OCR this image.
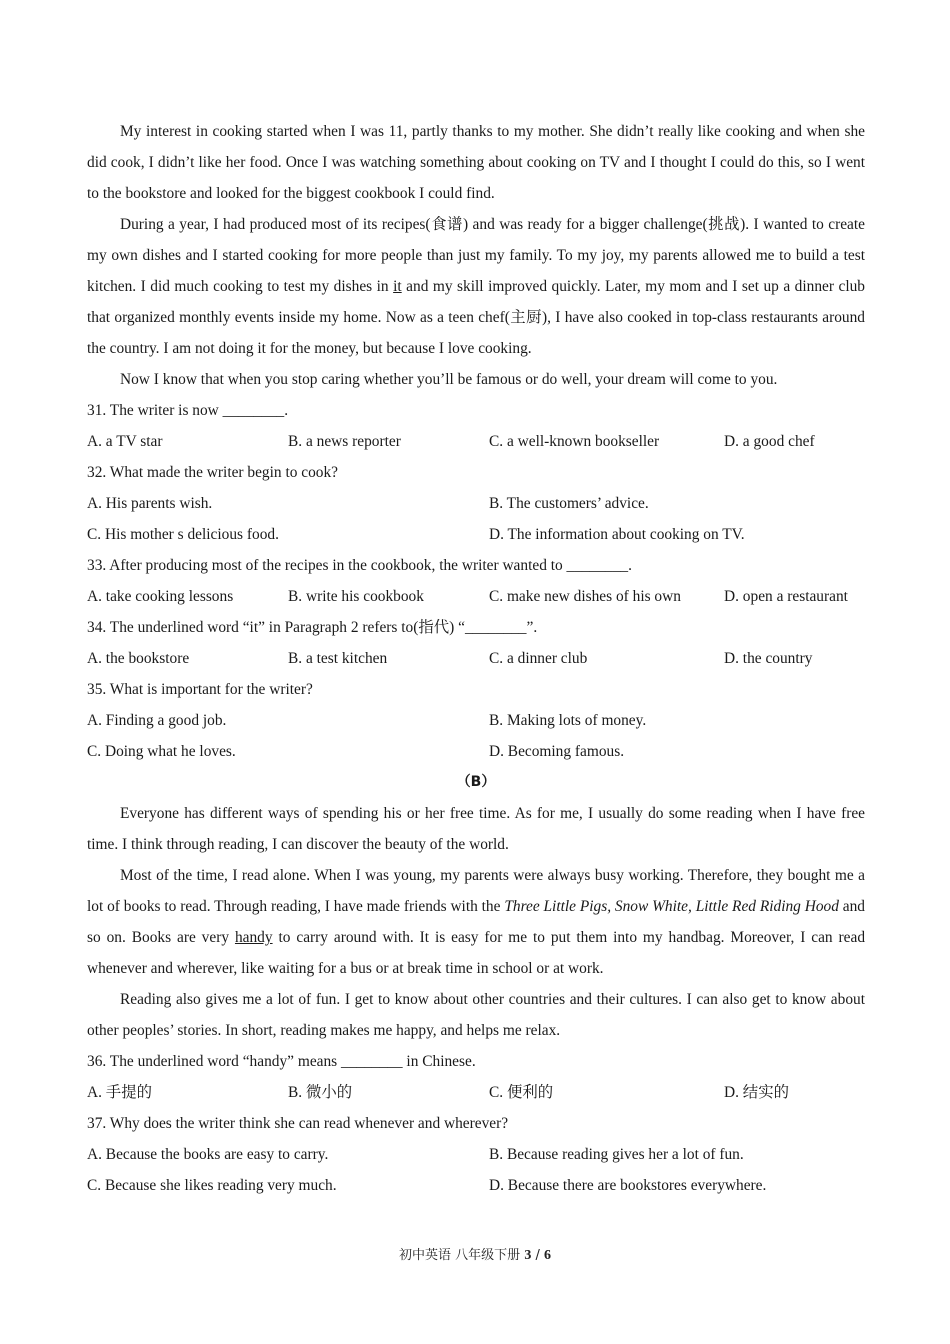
My interest in cooking started when I was 11, partly thanks to my mother. She didn’t really like cooking and when she did cook, I didn’t like her food. Once I was watching something about cooking on TV and I thought I could do this, so I went to the bookstore and looked for the biggest cookbook I could find.

During a year, I had produced most of its recipes(食谱) and was ready for a bigger challenge(挑战). I wanted to create my own dishes and I started cooking for more people than just my family. To my joy, my parents allowed me to build a test kitchen. I did much cooking to test my dishes in it and my skill improved quickly. Later, my mom and I set up a dinner club that organized monthly events inside my home. Now as a teen chef(主厨), I have also cooked in top-class restaurants around the country. I am not doing it for the money, but because I love cooking.

Now I know that when you stop caring whether you’ll be famous or do well, your dream will come to you.

31. The writer is now ________.
A. a TV star	B. a news reporter	C. a well-known bookseller	D. a good chef
32. What made the writer begin to cook?
A. His parents wish.	B. The customers’ advice.
C. His mother s delicious food.	D. The information about cooking on TV.
33. After producing most of the recipes in the cookbook, the writer wanted to ________.
A. take cooking lessons	B. write his cookbook	C. make new dishes of his own	D. open a restaurant
34. The underlined word “it” in Paragraph 2 refers to(指代) “________”.
A. the bookstore	B. a test kitchen	C. a dinner club	D. the country
35. What is important for the writer?
A. Finding a good job.	B. Making lots of money.
C. Doing what he loves.	D. Becoming famous.
（B）

Everyone has different ways of spending his or her free time. As for me, I usually do some reading when I have free time. I think through reading, I can discover the beauty of the world.

Most of the time, I read alone. When I was young, my parents were always busy working. Therefore, they bought me a lot of books to read. Through reading, I have made friends with the Three Little Pigs, Snow White, Little Red Riding Hood and so on. Books are very handy to carry around with. It is easy for me to put them into my handbag. Moreover, I can read whenever and wherever, like waiting for a bus or at break time in school or at work.

Reading also gives me a lot of fun. I get to know about other countries and their cultures. I can also get to know about other peoples’ stories. In short, reading makes me happy, and helps me relax.

36. The underlined word “handy” means ________ in Chinese.
A. 手提的	B. 微小的	C. 便利的	D. 结实的
37. Why does the writer think she can read whenever and wherever?
A. Because the books are easy to carry.	B. Because reading gives her a lot of fun.
C. Because she likes reading very much.	D. Because there are bookstores everywhere.
初中英语 八年级下册 3 / 6
